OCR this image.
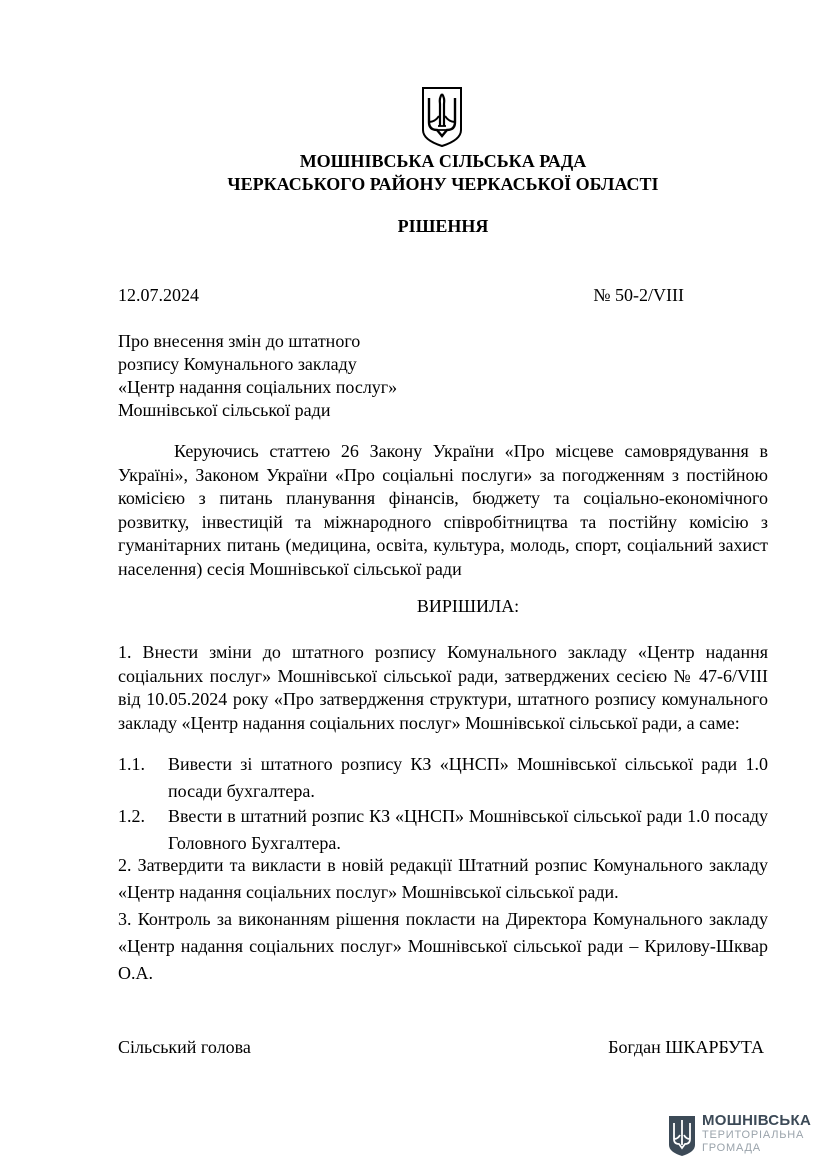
МОШНІВСЬКА СІЛЬСЬКА РАДА
ЧЕРКАСЬКОГО РАЙОНУ ЧЕРКАСЬКОЇ ОБЛАСТІ
РІШЕННЯ
12.07.2024	№ 50-2/VIII
Про внесення змін до штатного
розпису Комунального закладу
«Центр надання соціальних послуг»
Мошнівської сільської ради
Керуючись статтею 26 Закону України «Про місцеве самоврядування в Україні», Законом України «Про соціальні послуги» за погодженням з постійною комісією з питань планування фінансів, бюджету та соціально-економічного розвитку, інвестицій та міжнародного співробітництва та постійну комісію з гуманітарних питань (медицина, освіта, культура, молодь, спорт, соціальний захист населення) сесія Мошнівської сільської ради
ВИРІШИЛА:
1. Внести зміни до штатного розпису Комунального закладу «Центр надання соціальних послуг» Мошнівської сільської ради, затверджених сесією № 47-6/VIII від 10.05.2024 року «Про затвердження структури, штатного розпису комунального закладу «Центр надання соціальних послуг» Мошнівської сільської ради, а саме:
1.1. Вивести зі штатного розпису КЗ «ЦНСП» Мошнівської сільської ради 1.0 посади бухгалтера.
1.2. Ввести в штатний розпис КЗ «ЦНСП» Мошнівської сільської ради 1.0 посаду Головного Бухгалтера.
2. Затвердити та викласти в новій редакції Штатний розпис Комунального закладу «Центр надання соціальних послуг» Мошнівської сільської ради.
3. Контроль за виконанням рішення покласти на Директора Комунального закладу «Центр надання соціальних послуг» Мошнівської сільської ради – Крилову-Шквар О.А.
Сільський голова	Богдан ШКАРБУТА
МОШНІВСЬКА
ТЕРИТОРІАЛЬНА
ГРОМАДА
